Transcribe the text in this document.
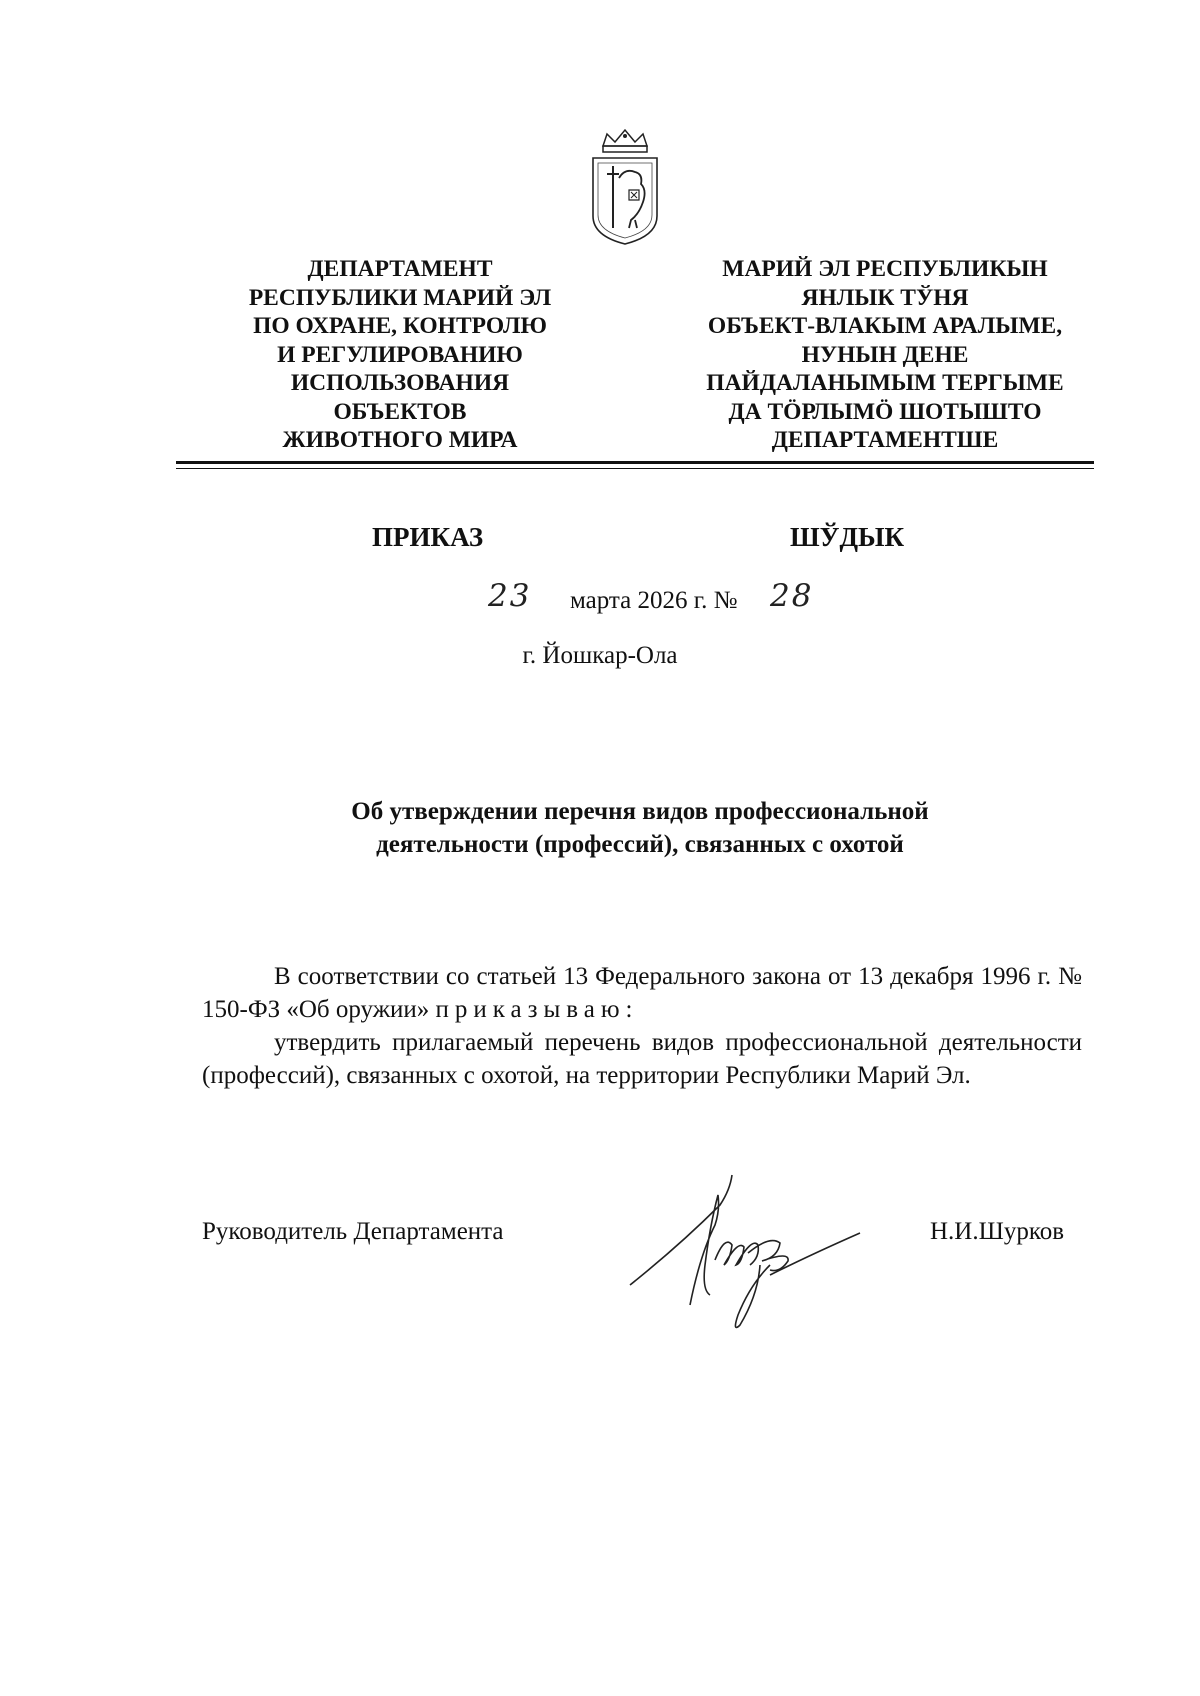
ДЕПАРТАМЕНТ
РЕСПУБЛИКИ МАРИЙ ЭЛ
ПО ОХРАНЕ, КОНТРОЛЮ
И РЕГУЛИРОВАНИЮ
ИСПОЛЬЗОВАНИЯ
ОБЪЕКТОВ
ЖИВОТНОГО МИРА
МАРИЙ ЭЛ РЕСПУБЛИКЫН
ЯНЛЫК ТЎНЯ
ОБЪЕКТ-ВЛАКЫМ АРАЛЫМЕ,
НУНЫН ДЕНЕ
ПАЙДАЛАНЫМЫМ ТЕРГЫМЕ
ДА ТÖРЛЫМÖ ШОТЫШТО
ДЕПАРТАМЕНТШЕ
ПРИКАЗ	ШЎДЫК
23 марта 2026 г. № 28
г. Йошкар-Ола
Об утверждении перечня видов профессиональной
деятельности (профессий), связанных с охотой

В соответствии со статьей 13 Федерального закона от 13 декабря 1996 г. № 150-ФЗ «Об оружии» приказываю:

утвердить прилагаемый перечень видов профессиональной деятельности (профессий), связанных с охотой, на территории Республики Марий Эл.

Руководитель Департамента	Н.И.Шурков
